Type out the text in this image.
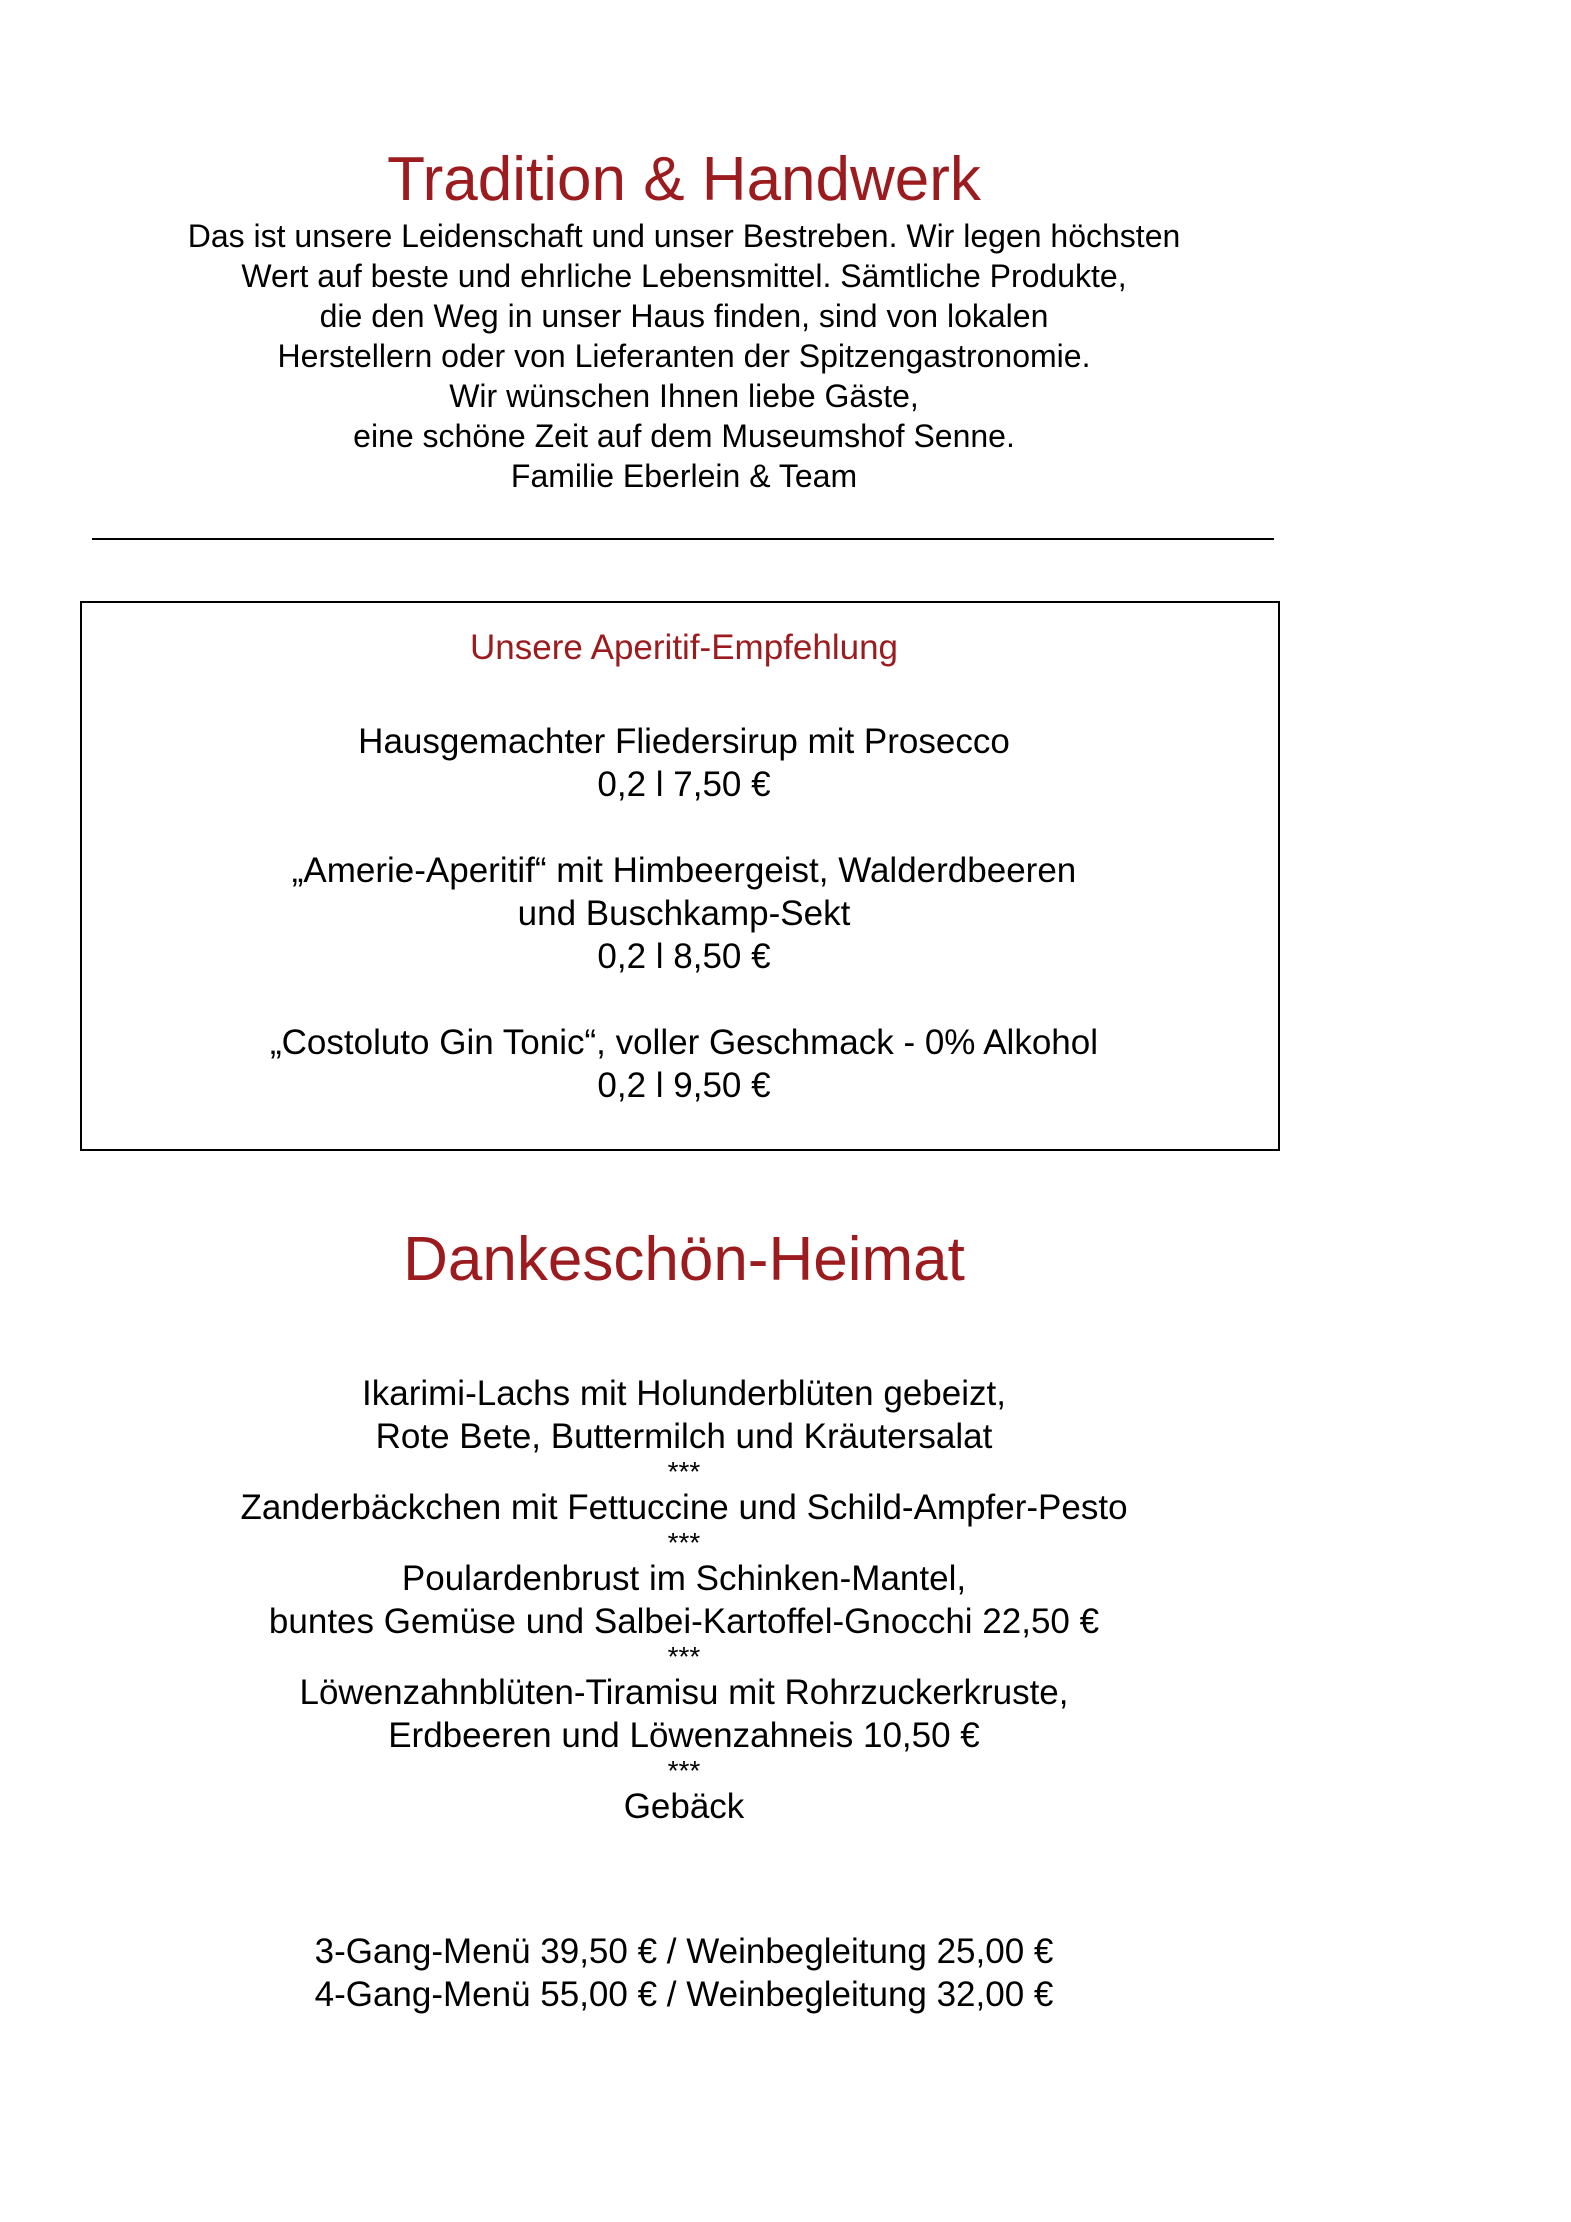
Tradition & Handwerk
Das ist unsere Leidenschaft und unser Bestreben. Wir legen höchsten
Wert auf beste und ehrliche Lebensmittel. Sämtliche Produkte,
die den Weg in unser Haus finden, sind von lokalen
Herstellern oder von Lieferanten der Spitzengastronomie.
Wir wünschen Ihnen liebe Gäste,
eine schöne Zeit auf dem Museumshof Senne.
Familie Eberlein & Team
Unsere Aperitif-Empfehlung
Hausgemachter Fliedersirup mit Prosecco
0,2 l 7,50 €
„Amerie-Aperitif“ mit Himbeergeist, Walderdbeeren
und Buschkamp-Sekt
0,2 l 8,50 €
„Costoluto Gin Tonic“, voller Geschmack - 0% Alkohol
0,2 l 9,50 €
Dankeschön-Heimat
Ikarimi-Lachs mit Holunderblüten gebeizt,
Rote Bete, Buttermilch und Kräutersalat
***
Zanderbäckchen mit Fettuccine und Schild-Ampfer-Pesto
***
Poulardenbrust im Schinken-Mantel,
buntes Gemüse und Salbei-Kartoffel-Gnocchi 22,50 €
***
Löwenzahnblüten-Tiramisu mit Rohrzuckerkruste,
Erdbeeren und Löwenzahneis 10,50 €
***
Gebäck
3-Gang-Menü 39,50 € / Weinbegleitung 25,00 €
4-Gang-Menü 55,00 € / Weinbegleitung 32,00 €
